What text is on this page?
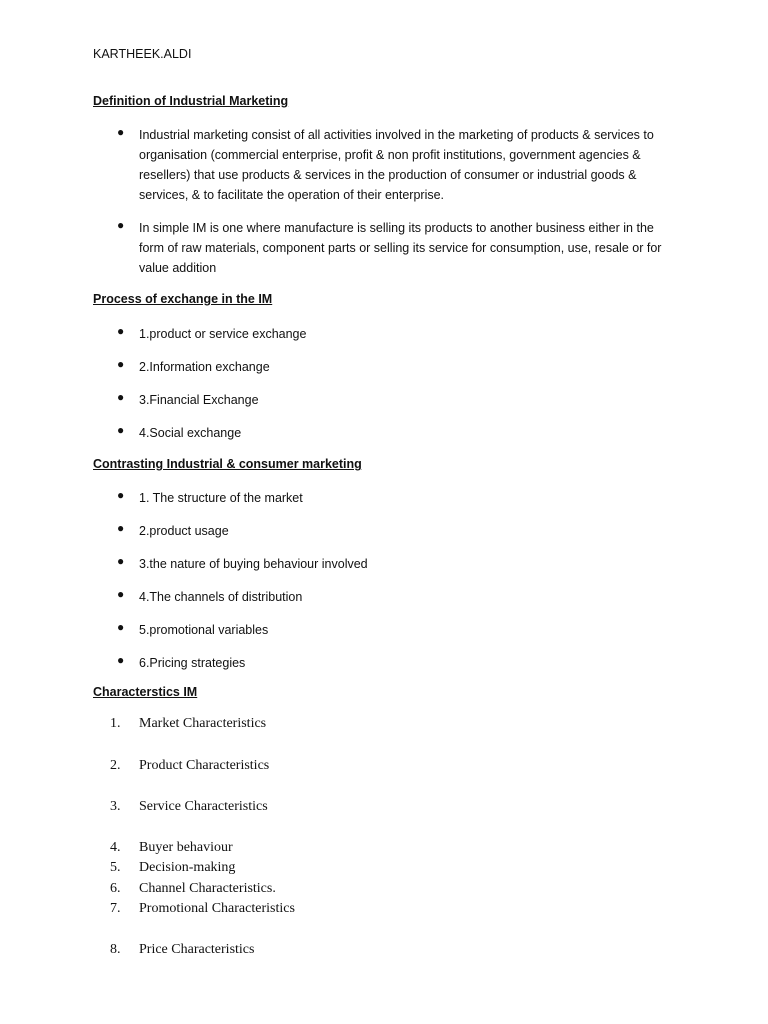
KARTHEEK.ALDI
Definition of Industrial Marketing
● Industrial marketing consist of all activities involved in the marketing of products & services to organisation (commercial enterprise, profit & non profit institutions, government agencies & resellers) that use products & services in the production of consumer or industrial goods & services, & to facilitate the operation of their enterprise.
● In simple IM is one where manufacture is selling its products to another business either in the form of raw materials, component parts or selling its service for consumption, use, resale or for value addition
Process of exchange in the IM
● 1.product or service exchange
● 2.Information exchange
● 3.Financial Exchange
● 4.Social exchange
Contrasting Industrial & consumer marketing
● 1. The structure of the market
● 2.product usage
● 3.the nature of buying behaviour involved
● 4.The channels of distribution
● 5.promotional variables
● 6.Pricing strategies
Characterstics IM
1. Market Characteristics
2. Product Characteristics
3. Service Characteristics
4. Buyer behaviour
5. Decision-making
6. Channel Characteristics.
7. Promotional Characteristics
8. Price Characteristics
